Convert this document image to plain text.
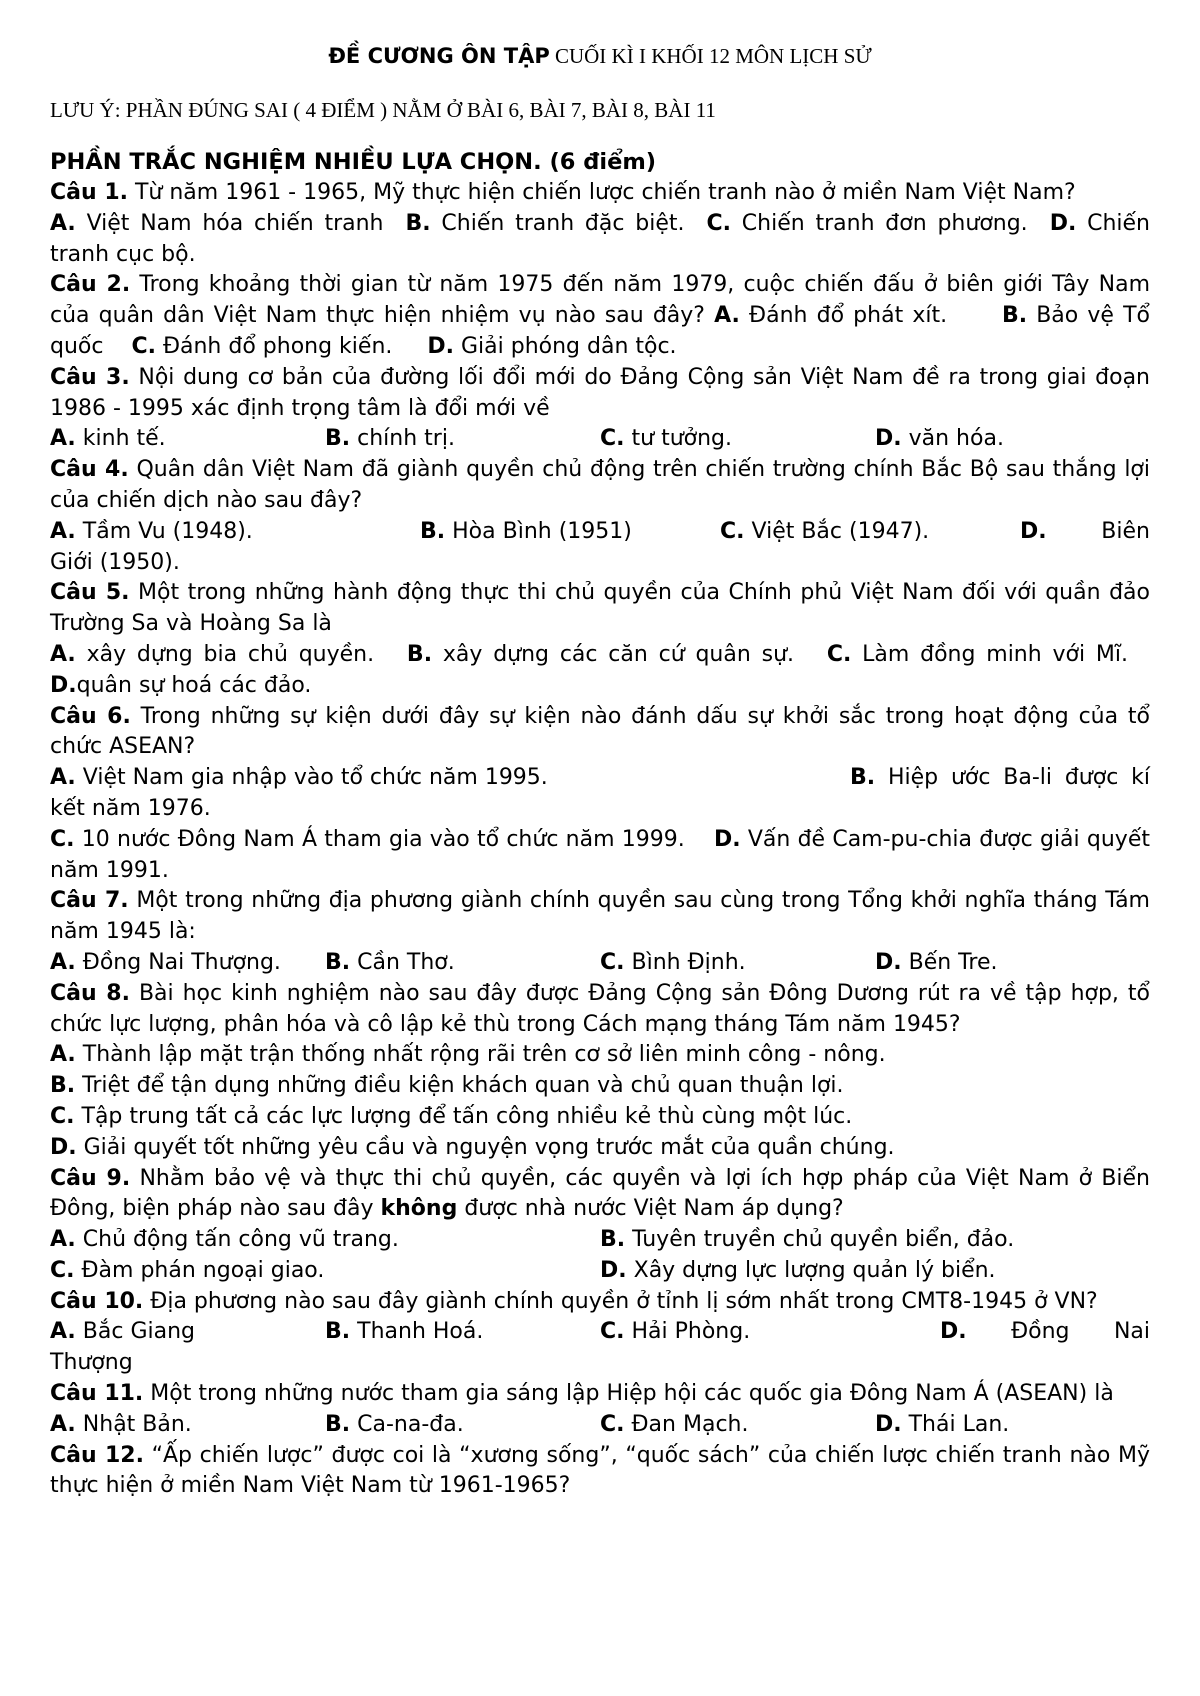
ĐỀ CƯƠNG ÔN TẬP CUỐI KÌ I KHỐI 12 MÔN LỊCH SỬ
LƯU Ý: PHẦN ĐÚNG SAI ( 4 ĐIỂM ) NẰM Ở BÀI 6, BÀI 7, BÀI 8, BÀI 11
PHẦN TRẮC NGHIỆM NHIỀU LỰA CHỌN. (6 điểm)

Câu 1. Từ năm 1961 - 1965, Mỹ thực hiện chiến lược chiến tranh nào ở miền Nam Việt Nam?

A. Việt Nam hóa chiến tranh B. Chiến tranh đặc biệt. C. Chiến tranh đơn phương. D. Chiến tranh cục bộ.

Câu 2. Trong khoảng thời gian từ năm 1975 đến năm 1979, cuộc chiến đấu ở biên giới Tây Nam của quân dân Việt Nam thực hiện nhiệm vụ nào sau đây? A. Đánh đổ phát xít. B. Bảo vệ Tổ quốc C. Đánh đổ phong kiến. D. Giải phóng dân tộc.

Câu 3. Nội dung cơ bản của đường lối đổi mới do Đảng Cộng sản Việt Nam đề ra trong giai đoạn 1986 - 1995 xác định trọng tâm là đổi mới về

A. kinh tế.	B. chính trị.	C. tư tưởng.	D. văn hóa.

Câu 4. Quân dân Việt Nam đã giành quyền chủ động trên chiến trường chính Bắc Bộ sau thắng lợi của chiến dịch nào sau đây?

A. Tầm Vu (1948).	B. Hòa Bình (1951)	C. Việt Bắc (1947).	D. Biên Giới (1950).

Câu 5. Một trong những hành động thực thi chủ quyền của Chính phủ Việt Nam đối với quần đảo Trường Sa và Hoàng Sa là

A. xây dựng bia chủ quyền. B. xây dựng các căn cứ quân sự. C. Làm đồng minh với Mĩ. D.quân sự hoá các đảo.

Câu 6. Trong những sự kiện dưới đây sự kiện nào đánh dấu sự khởi sắc trong hoạt động của tổ chức ASEAN?

A. Việt Nam gia nhập vào tổ chức năm 1995.	B. Hiệp ước Ba-li được kí kết năm 1976.

C. 10 nước Đông Nam Á tham gia vào tổ chức năm 1999. D. Vấn đề Cam-pu-chia được giải quyết năm 1991.

Câu 7. Một trong những địa phương giành chính quyền sau cùng trong Tổng khởi nghĩa tháng Tám năm 1945 là:

A. Đồng Nai Thượng.	B. Cần Thơ.	C. Bình Định.	D. Bến Tre.

Câu 8. Bài học kinh nghiệm nào sau đây được Đảng Cộng sản Đông Dương rút ra về tập hợp, tổ chức lực lượng, phân hóa và cô lập kẻ thù trong Cách mạng tháng Tám năm 1945?

A. Thành lập mặt trận thống nhất rộng rãi trên cơ sở liên minh công - nông.
B. Triệt để tận dụng những điều kiện khách quan và chủ quan thuận lợi.
C. Tập trung tất cả các lực lượng để tấn công nhiều kẻ thù cùng một lúc.
D. Giải quyết tốt những yêu cầu và nguyện vọng trước mắt của quần chúng.

Câu 9. Nhằm bảo vệ và thực thi chủ quyền, các quyền và lợi ích hợp pháp của Việt Nam ở Biển Đông, biện pháp nào sau đây không được nhà nước Việt Nam áp dụng?

A. Chủ động tấn công vũ trang.	B. Tuyên truyền chủ quyền biển, đảo.
C. Đàm phán ngoại giao.	D. Xây dựng lực lượng quản lý biển.

Câu 10. Địa phương nào sau đây giành chính quyền ở tỉnh lị sớm nhất trong CMT8-1945 ở VN?

A. Bắc Giang	B. Thanh Hoá.	C. Hải Phòng.	D. Đồng Nai Thượng

Câu 11. Một trong những nước tham gia sáng lập Hiệp hội các quốc gia Đông Nam Á (ASEAN) là

A. Nhật Bản.	B. Ca-na-đa.	C. Đan Mạch.	D. Thái Lan.

Câu 12. “Ấp chiến lược” được coi là “xương sống”, “quốc sách” của chiến lược chiến tranh nào Mỹ thực hiện ở miền Nam Việt Nam từ 1961-1965?
